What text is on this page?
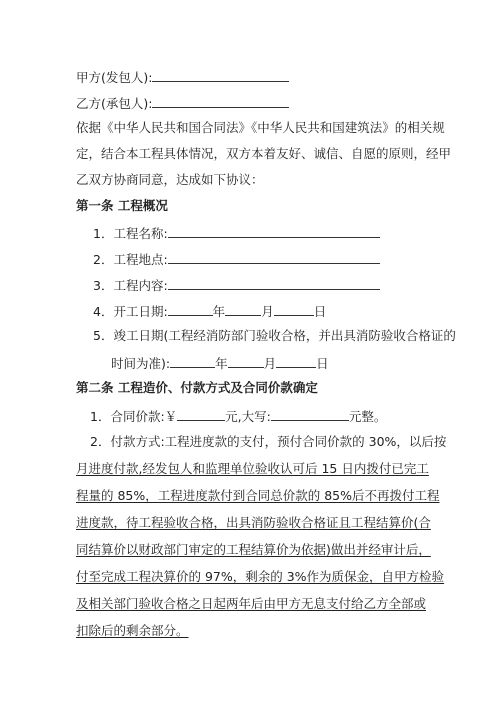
甲方(发包人):
乙方(承包人):
依据《中华人民共和国合同法》《中华人民共和国建筑法》的相关规
定，结合本工程具体情况，双方本着友好、诚信、自愿的原则，经甲
乙双方协商同意，达成如下协议：
第一条 工程概况
1．工程名称:
2．工程地点:
3．工程内容:
4．开工日期:	年	月	日
5．竣工日期(工程经消防部门验收合格，并出具消防验收合格证的
时间为准):	年	月	日
第二条 工程造价、付款方式及合同价款确定
1．合同价款:￥	元,大写:	元整。
2．付款方式:工程进度款的支付，预付合同价款的 30%，以后按
月进度付款,经发包人和监理单位验收认可后 15 日内拨付已完工
程量的 85%，工程进度款付到合同总价款的 85%后不再拨付工程
进度款，待工程验收合格，出具消防验收合格证且工程结算价(合
同结算价以财政部门审定的工程结算价为依据)做出并经审计后，
付至完成工程决算价的 97%，剩余的 3%作为质保金，自甲方检验
及相关部门验收合格之日起两年后由甲方无息支付给乙方全部或
扣除后的剩余部分。
